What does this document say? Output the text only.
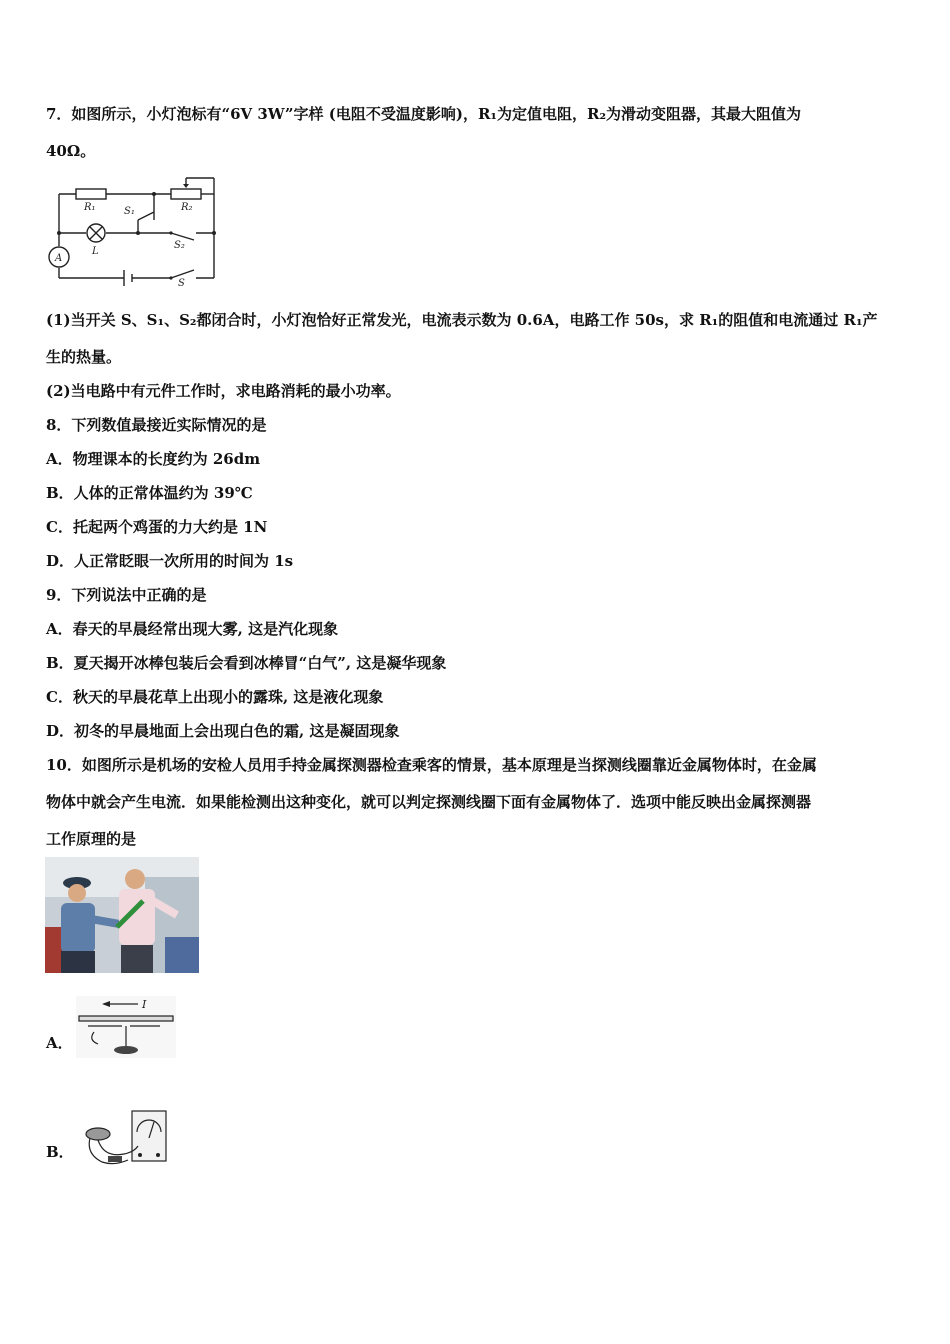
7．如图所示，小灯泡标有“6V 3W”字样 (电阻不受温度影响)，R₁为定值电阻，R₂为滑动变阻器，其最大阻值为
40Ω。
R₁	R₂
S₁
S₂
S
A
L
(1)当开关 S、S₁、S₂都闭合时，小灯泡恰好正常发光，电流表示数为 0.6A，电路工作 50s，求 R₁的阻值和电流通过 R₁产
生的热量。
(2)当电路中有元件工作时，求电路消耗的最小功率。
8．下列数值最接近实际情况的是
A．物理课本的长度约为 26dm
B．人体的正常体温约为 39℃
C．托起两个鸡蛋的力大约是 1N
D．人正常眨眼一次所用的时间为 1s
9．下列说法中正确的是
A．春天的早晨经常出现大雾, 这是汽化现象
B．夏天揭开冰棒包装后会看到冰棒冒“白气”, 这是凝华现象
C．秋天的早晨花草上出现小的露珠, 这是液化现象
D．初冬的早晨地面上会出现白色的霜, 这是凝固现象
10．如图所示是机场的安检人员用手持金属探测器检查乘客的情景，基本原理是当探测线圈靠近金属物体时，在金属
物体中就会产生电流．如果能检测出这种变化，就可以判定探测线圈下面有金属物体了．选项中能反映出金属探测器
工作原理的是
A．
I
B．
